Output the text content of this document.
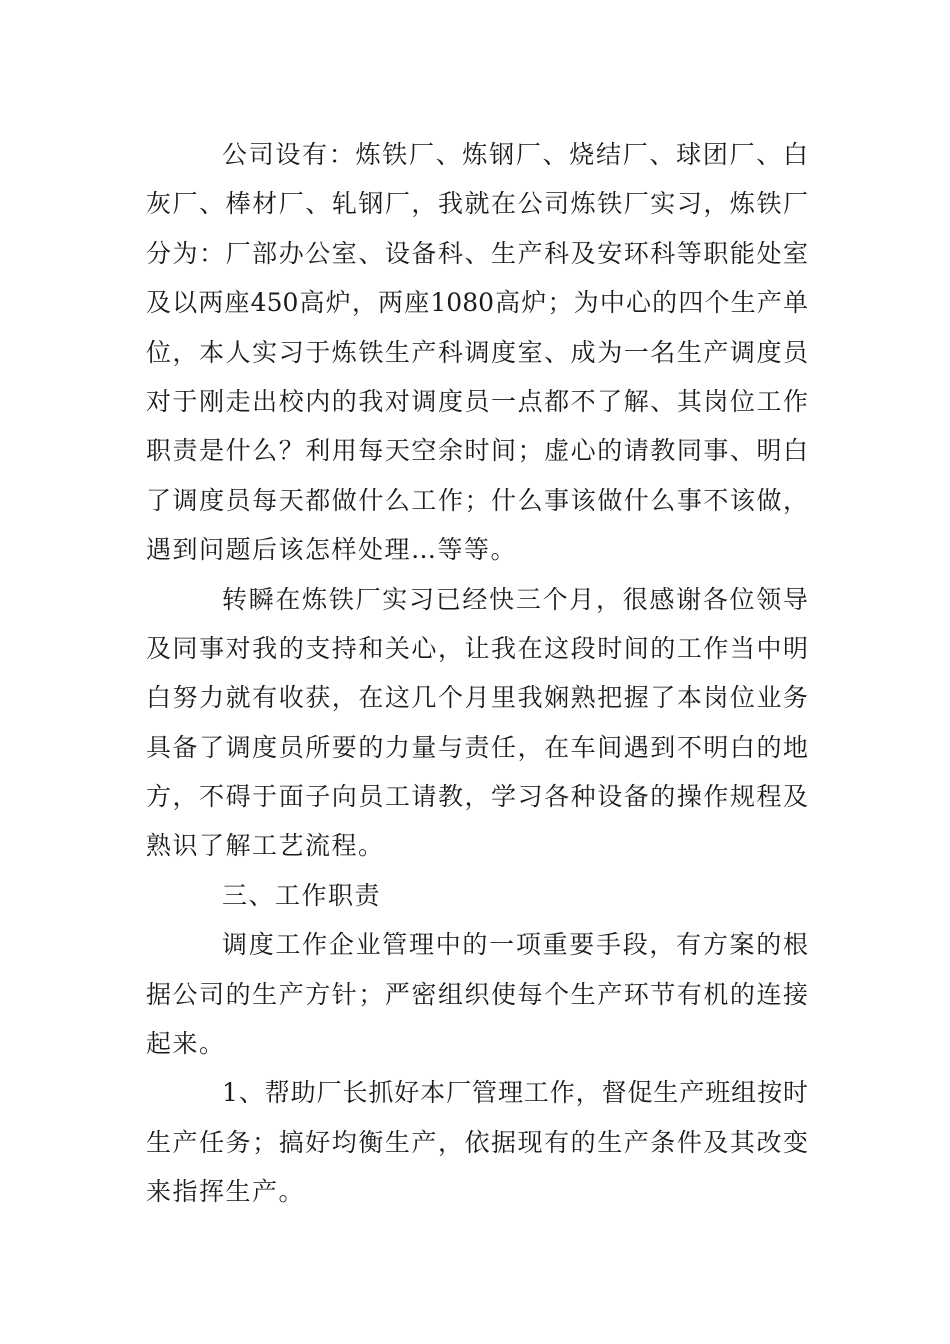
公司设有：炼铁厂、炼钢厂、烧结厂、球团厂、白
灰厂、棒材厂、轧钢厂，我就在公司炼铁厂实习，炼铁厂
分为：厂部办公室、设备科、生产科及安环科等职能处室
及以两座450高炉，两座1080高炉；为中心的四个生产单
位，本人实习于炼铁生产科调度室、成为一名生产调度员
对于刚走出校内的我对调度员一点都不了解、其岗位工作
职责是什么？利用每天空余时间；虚心的请教同事、明白
了调度员每天都做什么工作；什么事该做什么事不该做，
遇到问题后该怎样处理…等等。
转瞬在炼铁厂实习已经快三个月，很感谢各位领导
及同事对我的支持和关心，让我在这段时间的工作当中明
白努力就有收获，在这几个月里我娴熟把握了本岗位业务
具备了调度员所要的力量与责任，在车间遇到不明白的地
方，不碍于面子向员工请教，学习各种设备的操作规程及
熟识了解工艺流程。
三、工作职责
调度工作企业管理中的一项重要手段，有方案的根
据公司的生产方针；严密组织使每个生产环节有机的连接
起来。
1、帮助厂长抓好本厂管理工作，督促生产班组按时
生产任务；搞好均衡生产，依据现有的生产条件及其改变
来指挥生产。
